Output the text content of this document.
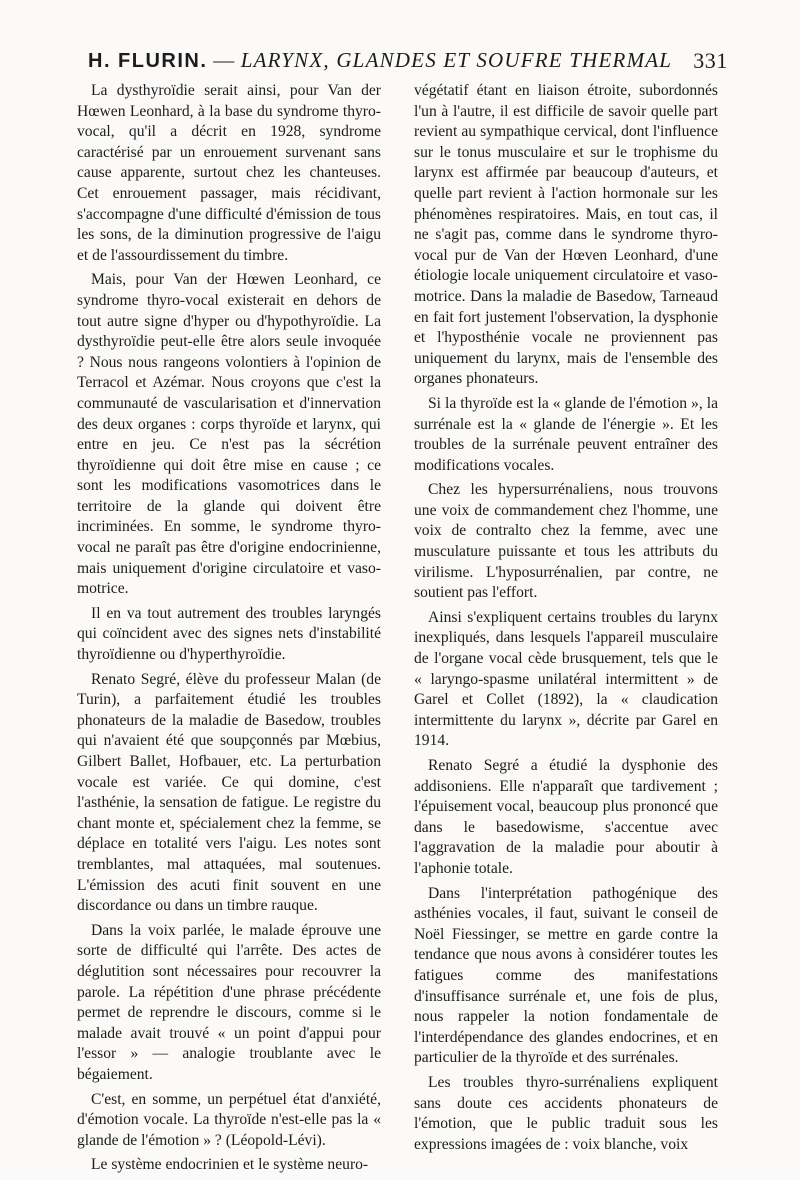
H. FLURIN. — LARYNX, GLANDES ET SOUFRE THERMAL 331

La dysthyroïdie serait ainsi, pour Van der Hœwen Leonhard, à la base du syndrome thyro-vocal, qu'il a décrit en 1928, syndrome caractérisé par un enrouement survenant sans cause apparente, surtout chez les chanteuses. Cet enrouement passager, mais récidivant, s'accompagne d'une difficulté d'émission de tous les sons, de la diminution progressive de l'aigu et de l'assourdissement du timbre.

Mais, pour Van der Hœwen Leonhard, ce syndrome thyro-vocal existerait en dehors de tout autre signe d'hyper ou d'hypothyroïdie. La dysthyroïdie peut-elle être alors seule invoquée ? Nous nous rangeons volontiers à l'opinion de Terracol et Azémar. Nous croyons que c'est la communauté de vascularisation et d'innervation des deux organes : corps thyroïde et larynx, qui entre en jeu. Ce n'est pas la sécrétion thyroïdienne qui doit être mise en cause ; ce sont les modifications vasomotrices dans le territoire de la glande qui doivent être incriminées. En somme, le syndrome thyro-vocal ne paraît pas être d'origine endocrinienne, mais uniquement d'origine circulatoire et vaso-motrice.

Il en va tout autrement des troubles laryngés qui coïncident avec des signes nets d'instabilité thyroïdienne ou d'hyperthyroïdie.

Renato Segré, élève du professeur Malan (de Turin), a parfaitement étudié les troubles phonateurs de la maladie de Basedow, troubles qui n'avaient été que soupçonnés par Mœbius, Gilbert Ballet, Hofbauer, etc. La perturbation vocale est variée. Ce qui domine, c'est l'asthénie, la sensation de fatigue. Le registre du chant monte et, spécialement chez la femme, se déplace en totalité vers l'aigu. Les notes sont tremblantes, mal attaquées, mal soutenues. L'émission des acuti finit souvent en une discordance ou dans un timbre rauque.

Dans la voix parlée, le malade éprouve une sorte de difficulté qui l'arrête. Des actes de déglutition sont nécessaires pour recouvrer la parole. La répétition d'une phrase précédente permet de reprendre le discours, comme si le malade avait trouvé « un point d'appui pour l'essor » — analogie troublante avec le bégaiement.

C'est, en somme, un perpétuel état d'anxiété, d'émotion vocale. La thyroïde n'est-elle pas la « glande de l'émotion » ? (Léopold-Lévi).

Le système endocrinien et le système neuro-

végétatif étant en liaison étroite, subordonnés l'un à l'autre, il est difficile de savoir quelle part revient au sympathique cervical, dont l'influence sur le tonus musculaire et sur le trophisme du larynx est affirmée par beaucoup d'auteurs, et quelle part revient à l'action hormonale sur les phénomènes respiratoires. Mais, en tout cas, il ne s'agit pas, comme dans le syndrome thyro-vocal pur de Van der Hœven Leonhard, d'une étiologie locale uniquement circulatoire et vaso-motrice. Dans la maladie de Basedow, Tarneaud en fait fort justement l'observation, la dysphonie et l'hyposthénie vocale ne proviennent pas uniquement du larynx, mais de l'ensemble des organes phonateurs.

Si la thyroïde est la « glande de l'émotion », la surrénale est la « glande de l'énergie ». Et les troubles de la surrénale peuvent entraîner des modifications vocales.

Chez les hypersurrénaliens, nous trouvons une voix de commandement chez l'homme, une voix de contralto chez la femme, avec une musculature puissante et tous les attributs du virilisme. L'hyposurrénalien, par contre, ne soutient pas l'effort.

Ainsi s'expliquent certains troubles du larynx inexpliqués, dans lesquels l'appareil musculaire de l'organe vocal cède brusquement, tels que le « laryngo-spasme unilatéral intermittent » de Garel et Collet (1892), la « claudication intermittente du larynx », décrite par Garel en 1914.

Renato Segré a étudié la dysphonie des addisoniens. Elle n'apparaît que tardivement ; l'épuisement vocal, beaucoup plus prononcé que dans le basedowisme, s'accentue avec l'aggravation de la maladie pour aboutir à l'aphonie totale.

Dans l'interprétation pathogénique des asthénies vocales, il faut, suivant le conseil de Noël Fiessinger, se mettre en garde contre la tendance que nous avons à considérer toutes les fatigues comme des manifestations d'insuffisance surrénale et, une fois de plus, nous rappeler la notion fondamentale de l'interdépendance des glandes endocrines, et en particulier de la thyroïde et des surrénales.

Les troubles thyro-surrénaliens expliquent sans doute ces accidents phonateurs de l'émotion, que le public traduit sous les expressions imagées de : voix blanche, voix
